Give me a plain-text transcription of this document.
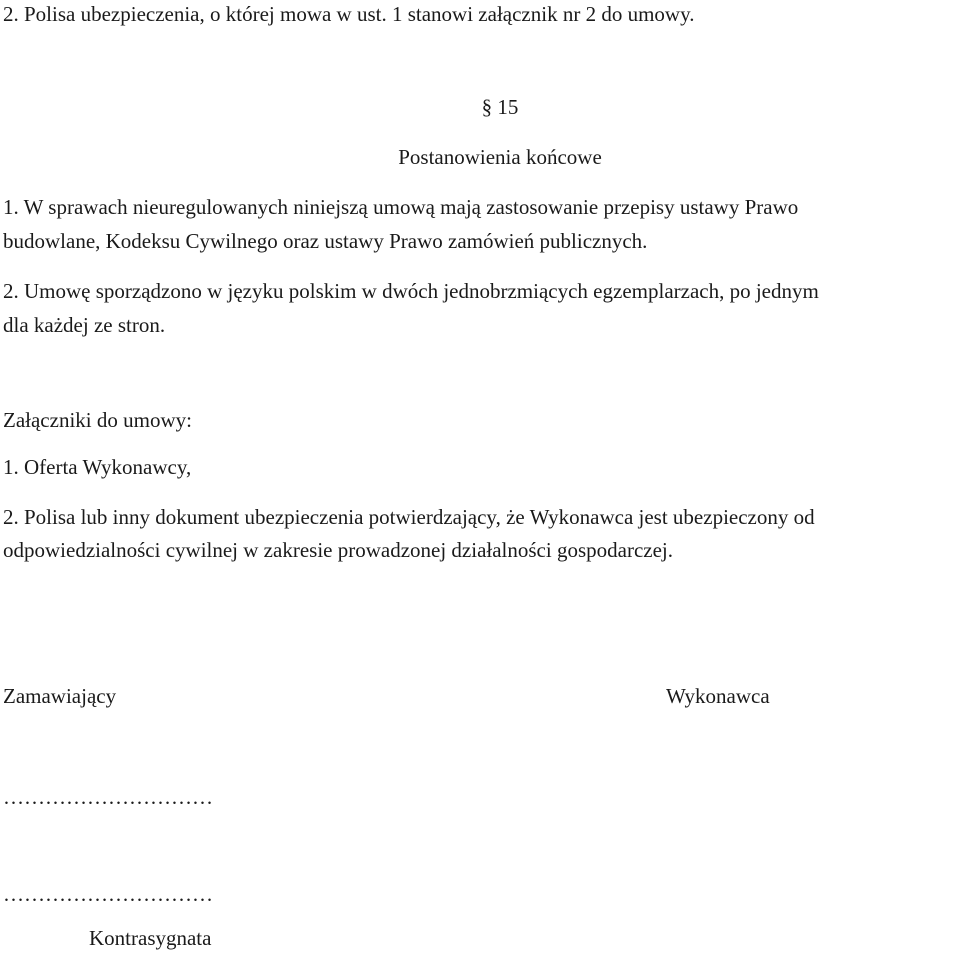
2. Polisa ubezpieczenia, o której mowa w ust. 1 stanowi załącznik nr 2 do umowy.
§ 15
Postanowienia końcowe
1. W sprawach nieuregulowanych niniejszą umową mają zastosowanie przepisy ustawy Prawo
budowlane, Kodeksu Cywilnego oraz ustawy Prawo zamówień publicznych.
2. Umowę sporządzono w języku polskim w dwóch jednobrzmiących egzemplarzach, po jednym
dla każdej ze stron.
Załączniki do umowy:
1. Oferta Wykonawcy,
2. Polisa lub inny dokument ubezpieczenia potwierdzający, że Wykonawca jest ubezpieczony od
odpowiedzialności cywilnej w zakresie prowadzonej działalności gospodarczej.
Zamawiający	Wykonawca
…………………………
…………………………
Kontrasygnata
